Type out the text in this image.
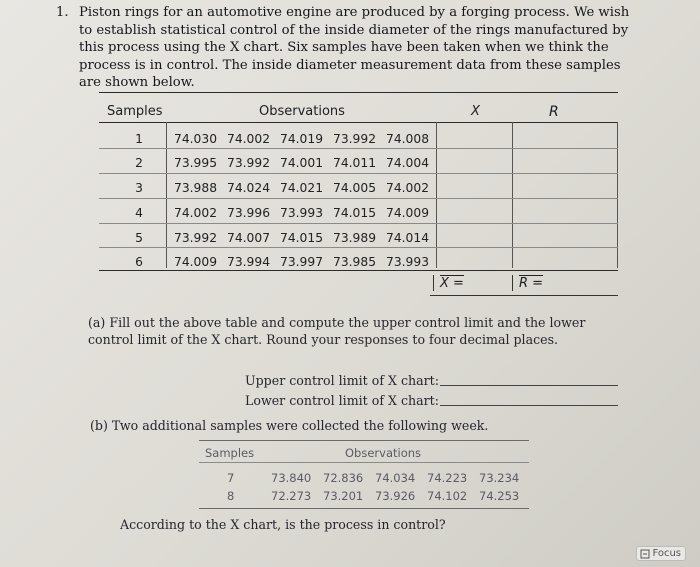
1. Piston rings for an automotive engine are produced by a forging process. We wish to establish statistical control of the inside diameter of the rings manufactured by this process using the X chart. Six samples have been taken when we think the process is in control. The inside diameter measurement data from these samples are shown below.
Samples	Observations	X	R
1	74.030 74.002 74.019 73.992 74.008
2	73.995 73.992 74.001 74.011 74.004
3	73.988 74.024 74.021 74.005 74.002
4	74.002 73.996 73.993 74.015 74.009
5	73.992 74.007 74.015 73.989 74.014
6	74.009 73.994 73.997 73.985 73.993
X =	R =
(a) Fill out the above table and compute the upper control limit and the lower control limit of the X chart. Round your responses to four decimal places.
Upper control limit of X chart:
Lower control limit of X chart:
(b) Two additional samples were collected the following week.
Samples	Observations
7	73.840 72.836 74.034 74.223 73.234
8	72.273 73.201 73.926 74.102 74.253
According to the X chart, is the process in control?
Focus
